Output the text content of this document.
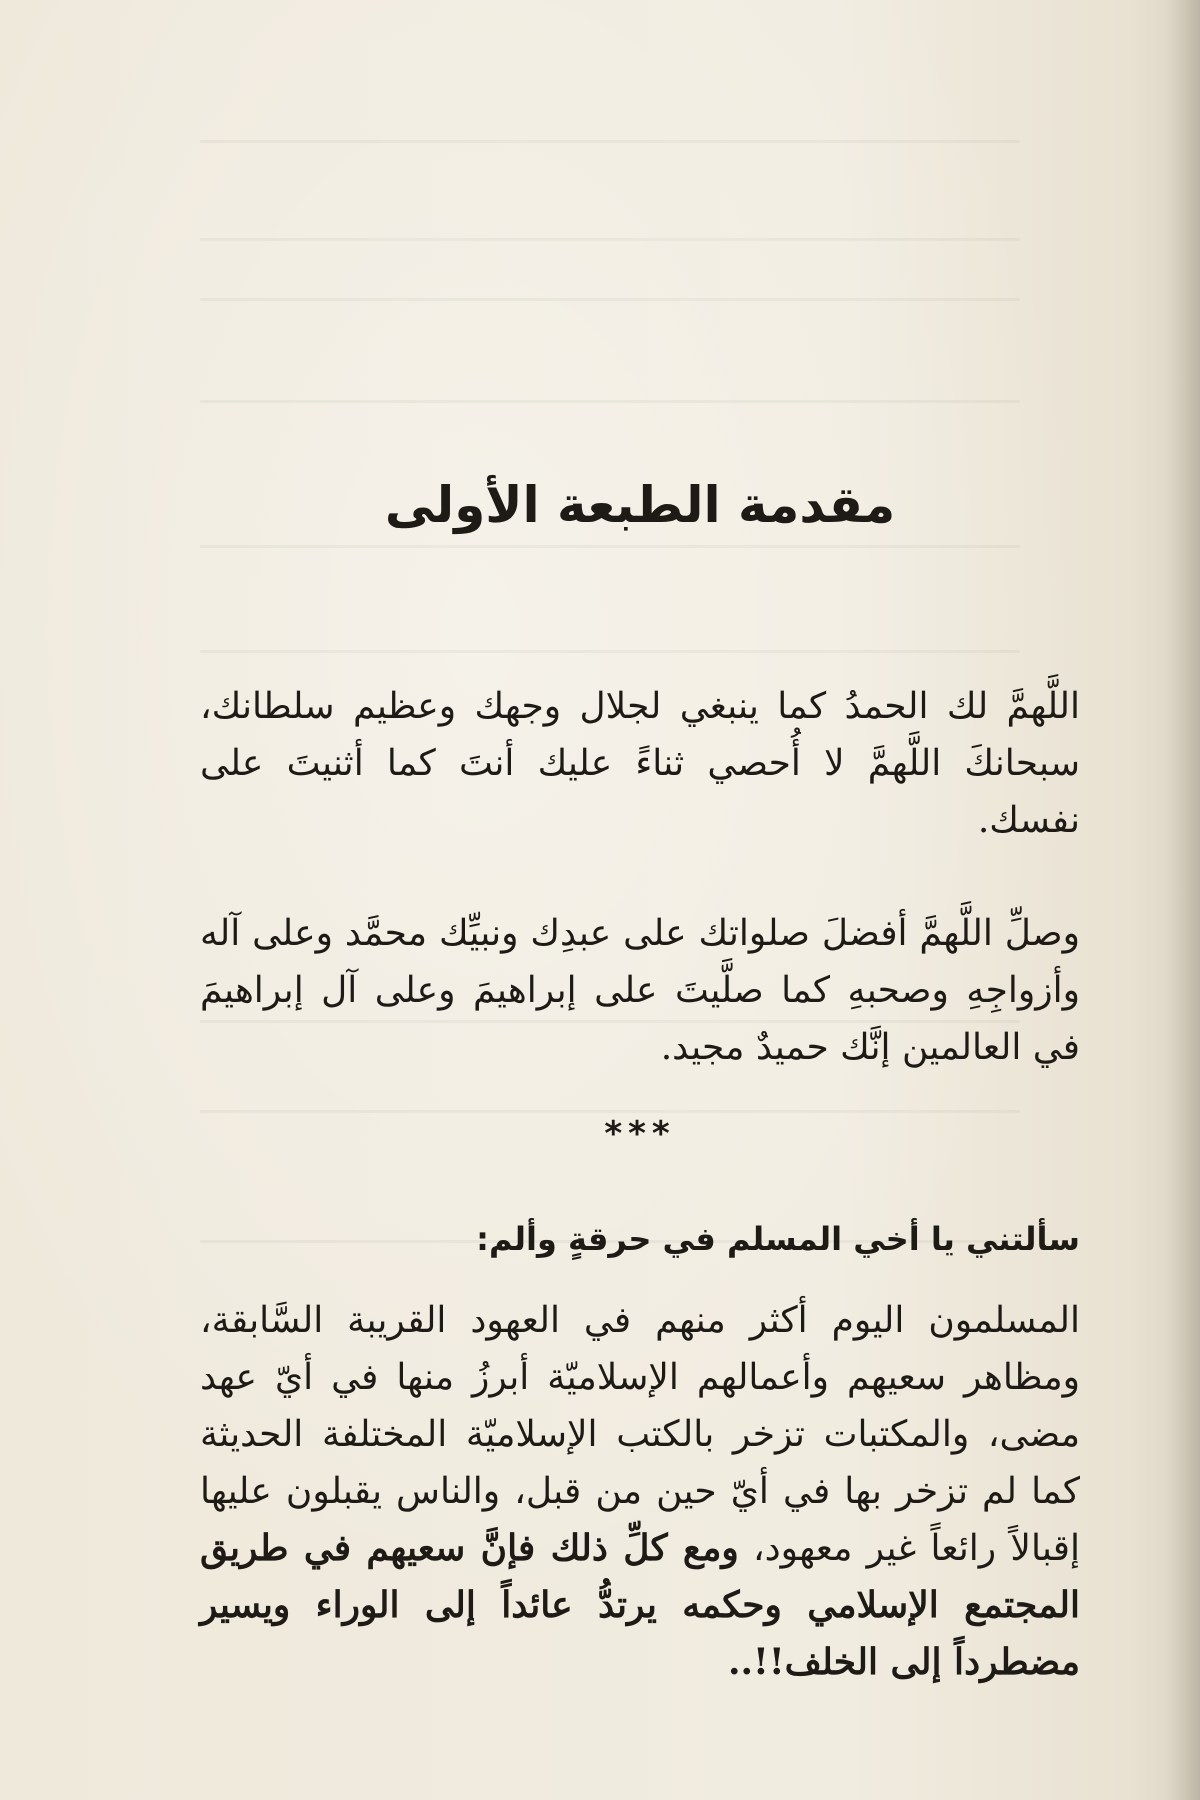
مقدمة الطبعة الأولى

اللَّهمَّ لك الحمدُ كما ينبغي لجلال وجهك وعظيم سلطانك، سبحانكَ اللَّهمَّ لا أُحصي ثناءً عليك أنتَ كما أثنيتَ على نفسك.

وصلِّ اللَّهمَّ أفضلَ صلواتك على عبدِك ونبيِّك محمَّد وعلى آله وأزواجِهِ وصحبهِ كما صلَّيتَ على إبراهيمَ وعلى آل إبراهيمَ في العالمين إنَّك حميدٌ مجيد.

***
سألتني يا أخي المسلم في حرقةٍ وألم:

المسلمون اليوم أكثر منهم في العهود القريبة السَّابقة، ومظاهر سعيهم وأعمالهم الإسلاميّة أبرزُ منها في أيّ عهد مضى، والمكتبات تزخر بالكتب الإسلاميّة المختلفة الحديثة كما لم تزخر بها في أيّ حين من قبل، والناس يقبلون عليها إقبالاً رائعاً غير معهود، ومع كلِّ ذلك فإنَّ سعيهم في طريق المجتمع الإسلامي وحكمه يرتدُّ عائداً إلى الوراء ويسير مضطرداً إلى الخلف!!..
